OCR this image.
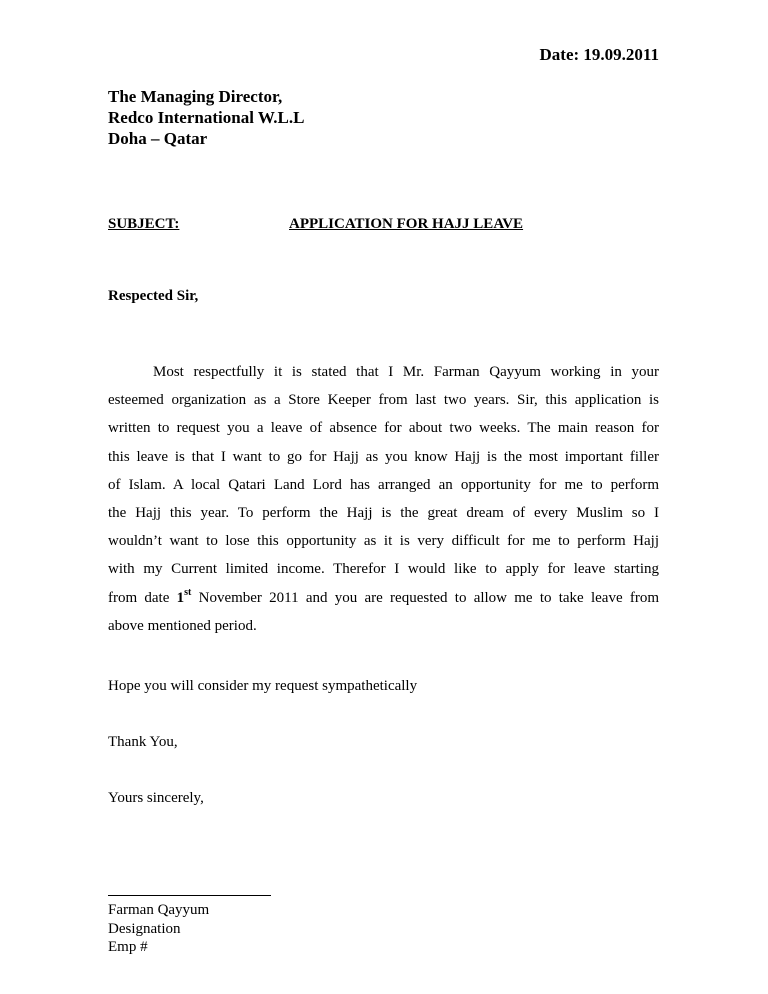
Date: 19.09.2011
The Managing Director,
Redco International W.L.L
Doha – Qatar
SUBJECT:	APPLICATION FOR HAJJ LEAVE
Respected Sir,
Most respectfully it is stated that I Mr. Farman Qayyum working in your
esteemed organization as a Store Keeper from last two years. Sir, this application is
written to request you a leave of absence for about two weeks. The main reason for
this leave is that I want to go for Hajj as you know Hajj is the most important filler
of Islam. A local Qatari Land Lord has arranged an opportunity for me to perform
the Hajj this year. To perform the Hajj is the great dream of every Muslim so I
wouldn’t want to lose this opportunity as it is very difficult for me to perform Hajj
with my Current limited income. Therefor I would like to apply for leave starting
from date 1st November 2011 and you are requested to allow me to take leave from
above mentioned period.
Hope you will consider my request sympathetically
Thank You,
Yours sincerely,
Farman Qayyum
Designation
Emp #
